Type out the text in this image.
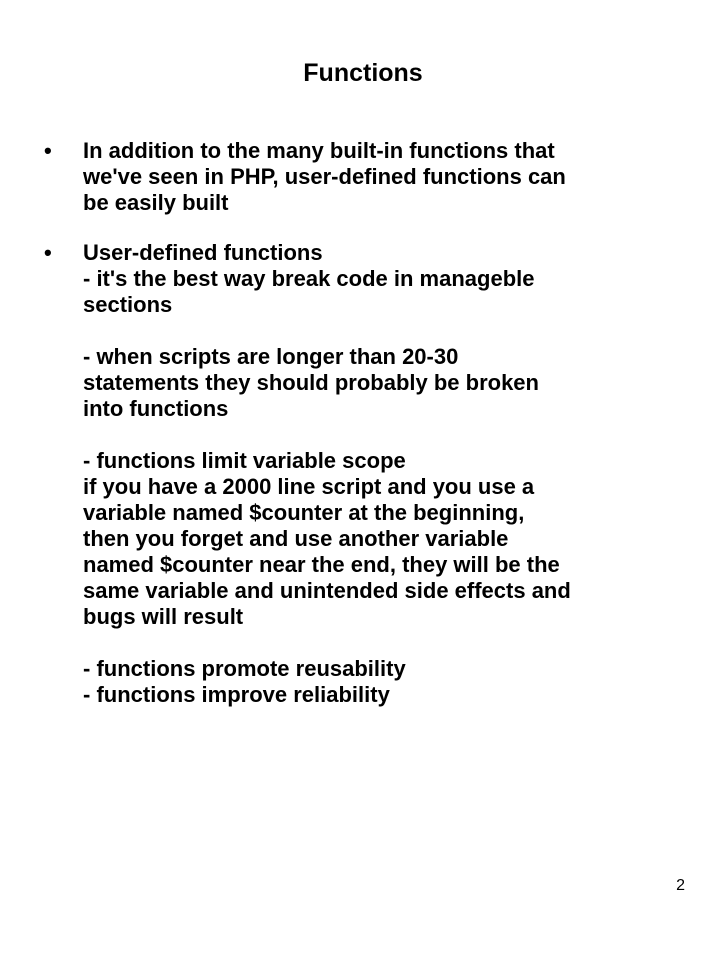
Functions
• In addition to the many built-in functions that
we've seen in PHP, user-defined functions can
be easily built
• User-defined functions
- it's the best way break code in manageble
sections
- when scripts are longer than 20-30
statements they should probably be broken
into functions
- functions limit variable scope
if you have a 2000 line script and you use a
variable named $counter at the beginning,
then you forget and use another variable
named $counter near the end, they will be the
same variable and unintended side effects and
bugs will result
- functions promote reusability
- functions improve reliability
2
